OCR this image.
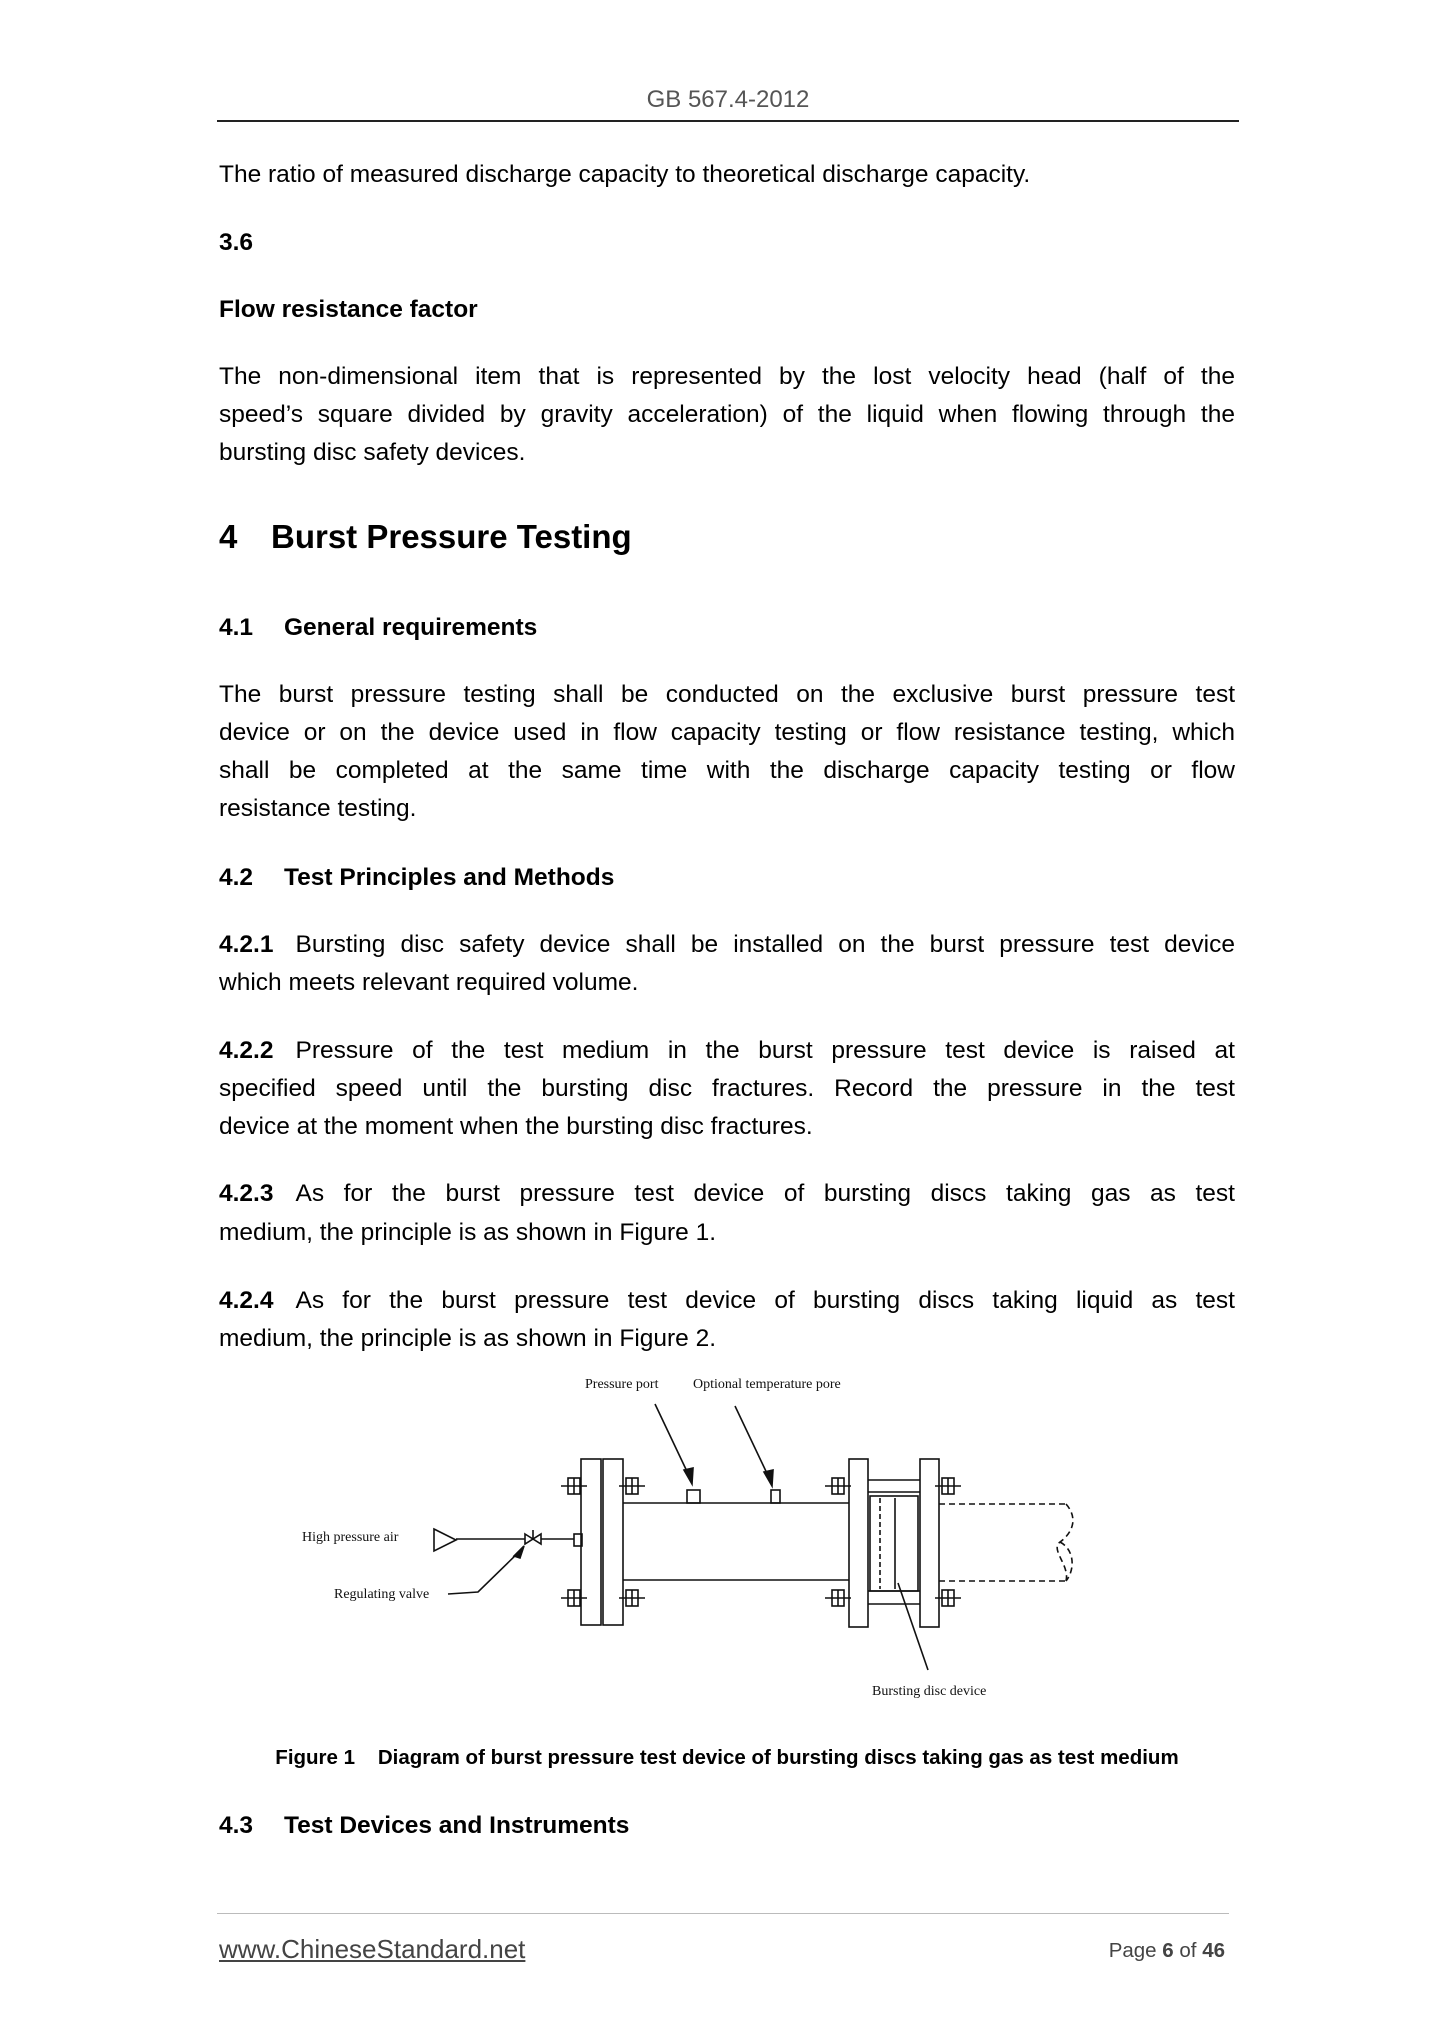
GB 567.4-2012
The ratio of measured discharge capacity to theoretical discharge capacity.
3.6
Flow resistance factor
The non-dimensional item that is represented by the lost velocity head (half of the
speed’s square divided by gravity acceleration) of the liquid when flowing through the
bursting disc safety devices.
4 Burst Pressure Testing
4.1 General requirements
The burst pressure testing shall be conducted on the exclusive burst pressure test
device or on the device used in flow capacity testing or flow resistance testing, which
shall be completed at the same time with the discharge capacity testing or flow
resistance testing.
4.2 Test Principles and Methods
4.2.1 Bursting disc safety device shall be installed on the burst pressure test device
which meets relevant required volume.
4.2.2 Pressure of the test medium in the burst pressure test device is raised at
specified speed until the bursting disc fractures. Record the pressure in the test
device at the moment when the bursting disc fractures.
4.2.3 As for the burst pressure test device of bursting discs taking gas as test
medium, the principle is as shown in Figure 1.
4.2.4 As for the burst pressure test device of bursting discs taking liquid as test
medium, the principle is as shown in Figure 2.
Pressure port Optional temperature pore
High pressure air
Regulating valve
Bursting disc device
Figure 1    Diagram of burst pressure test device of bursting discs taking gas as test medium
4.3 Test Devices and Instruments
www.ChineseStandard.net	Page 6 of 46
